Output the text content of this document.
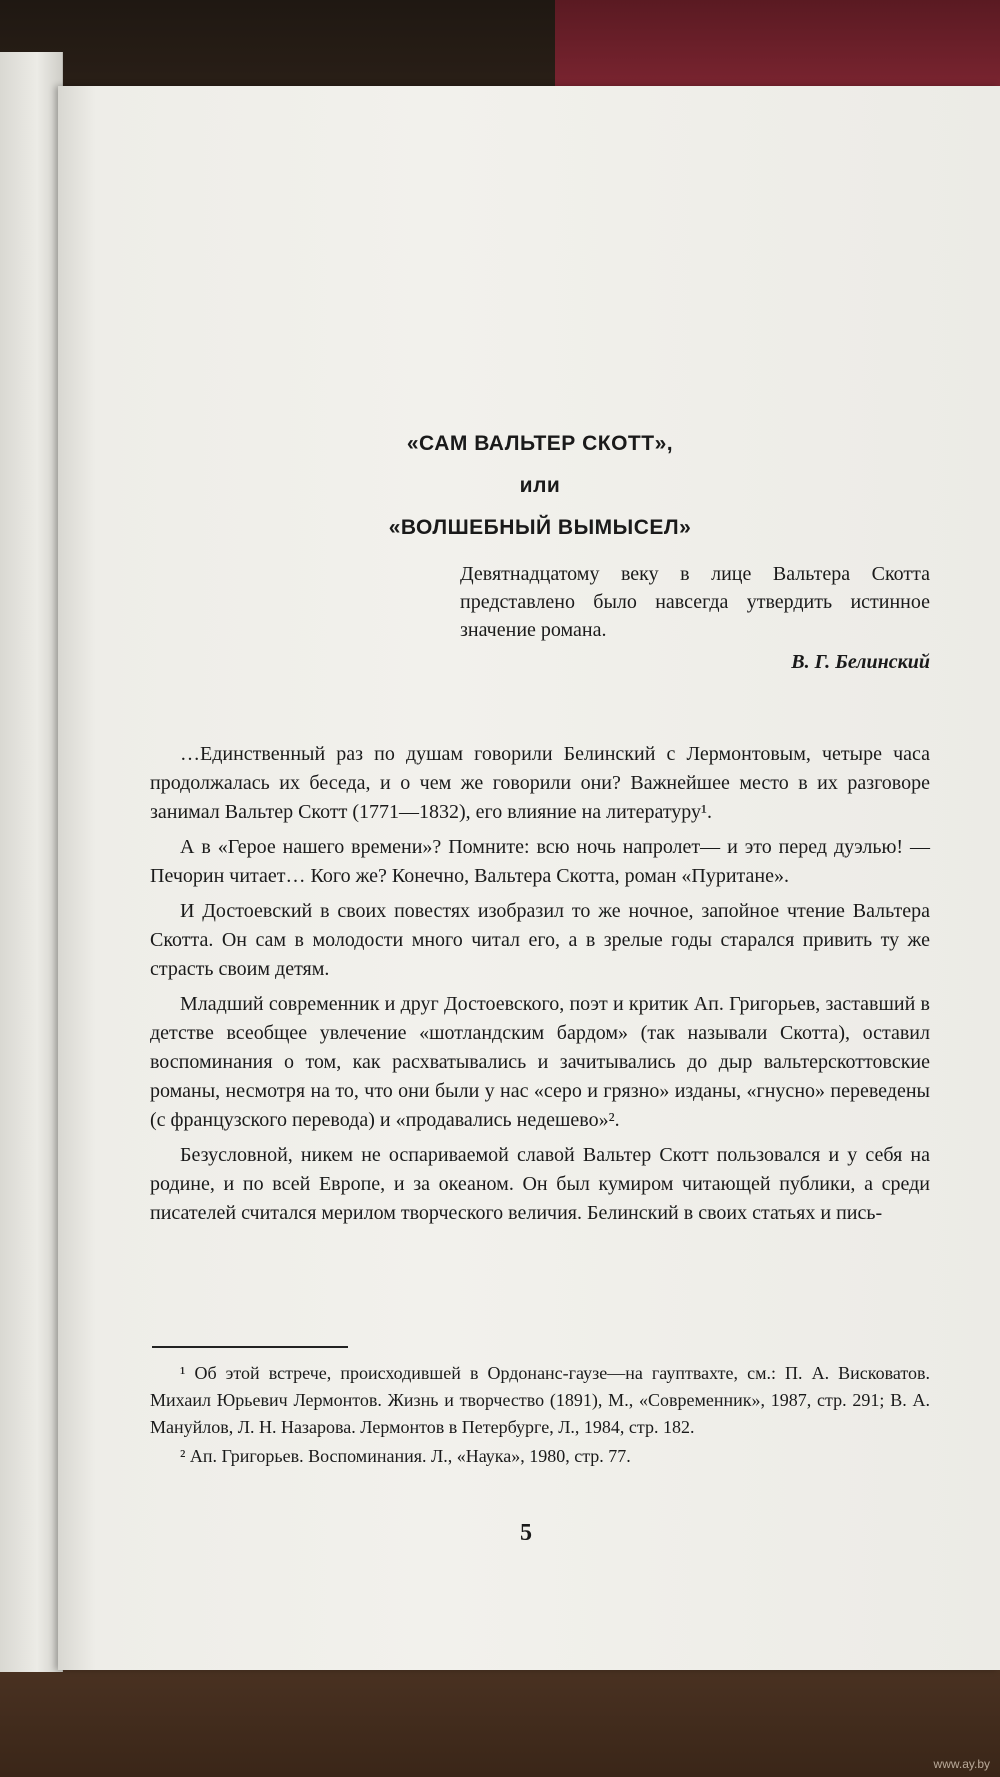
«САМ ВАЛЬТЕР СКОТТ»,

или

«ВОЛШЕБНЫЙ ВЫМЫСЕЛ»

Девятнадцатому веку в лице Вальтера Скотта представлено было навсегда утвердить истинное значение романа.
В. Г. Белинский

…Единственный раз по душам говорили Белинский с Лермонтовым, четыре часа продолжалась их беседа, и о чем же говорили они? Важнейшее место в их разговоре занимал Вальтер Скотт (1771—1832), его влияние на литературу¹.

А в «Герое нашего времени»? Помните: всю ночь напролет— и это перед дуэлью! — Печорин читает… Кого же? Конечно, Вальтера Скотта, роман «Пуритане».

И Достоевский в своих повестях изобразил то же ночное, запойное чтение Вальтера Скотта. Он сам в молодости много читал его, а в зрелые годы старался привить ту же страсть своим детям.

Младший современник и друг Достоевского, поэт и критик Ап. Григорьев, заставший в детстве всеобщее увлечение «шотландским бардом» (так называли Скотта), оставил воспоминания о том, как расхватывались и зачитывались до дыр вальтерскоттовские романы, несмотря на то, что они были у нас «серо и грязно» изданы, «гнусно» переведены (с французского перевода) и «продавались недешево»².

Безусловной, никем не оспариваемой славой Вальтер Скотт пользовался и у себя на родине, и по всей Европе, и за океаном. Он был кумиром читающей публики, а среди писателей считался мерилом творческого величия. Белинский в своих статьях и пись-

¹ Об этой встрече, происходившей в Ордонанс-гаузе—на гауптвахте, см.: П. А. Висковатов. Михаил Юрьевич Лермонтов. Жизнь и творчество (1891), М., «Современник», 1987, стр. 291; В. А. Мануйлов, Л. Н. Назарова. Лермонтов в Петербурге, Л., 1984, стр. 182.

² Ап. Григорьев. Воспоминания. Л., «Наука», 1980, стр. 77.

5
www.ay.by
